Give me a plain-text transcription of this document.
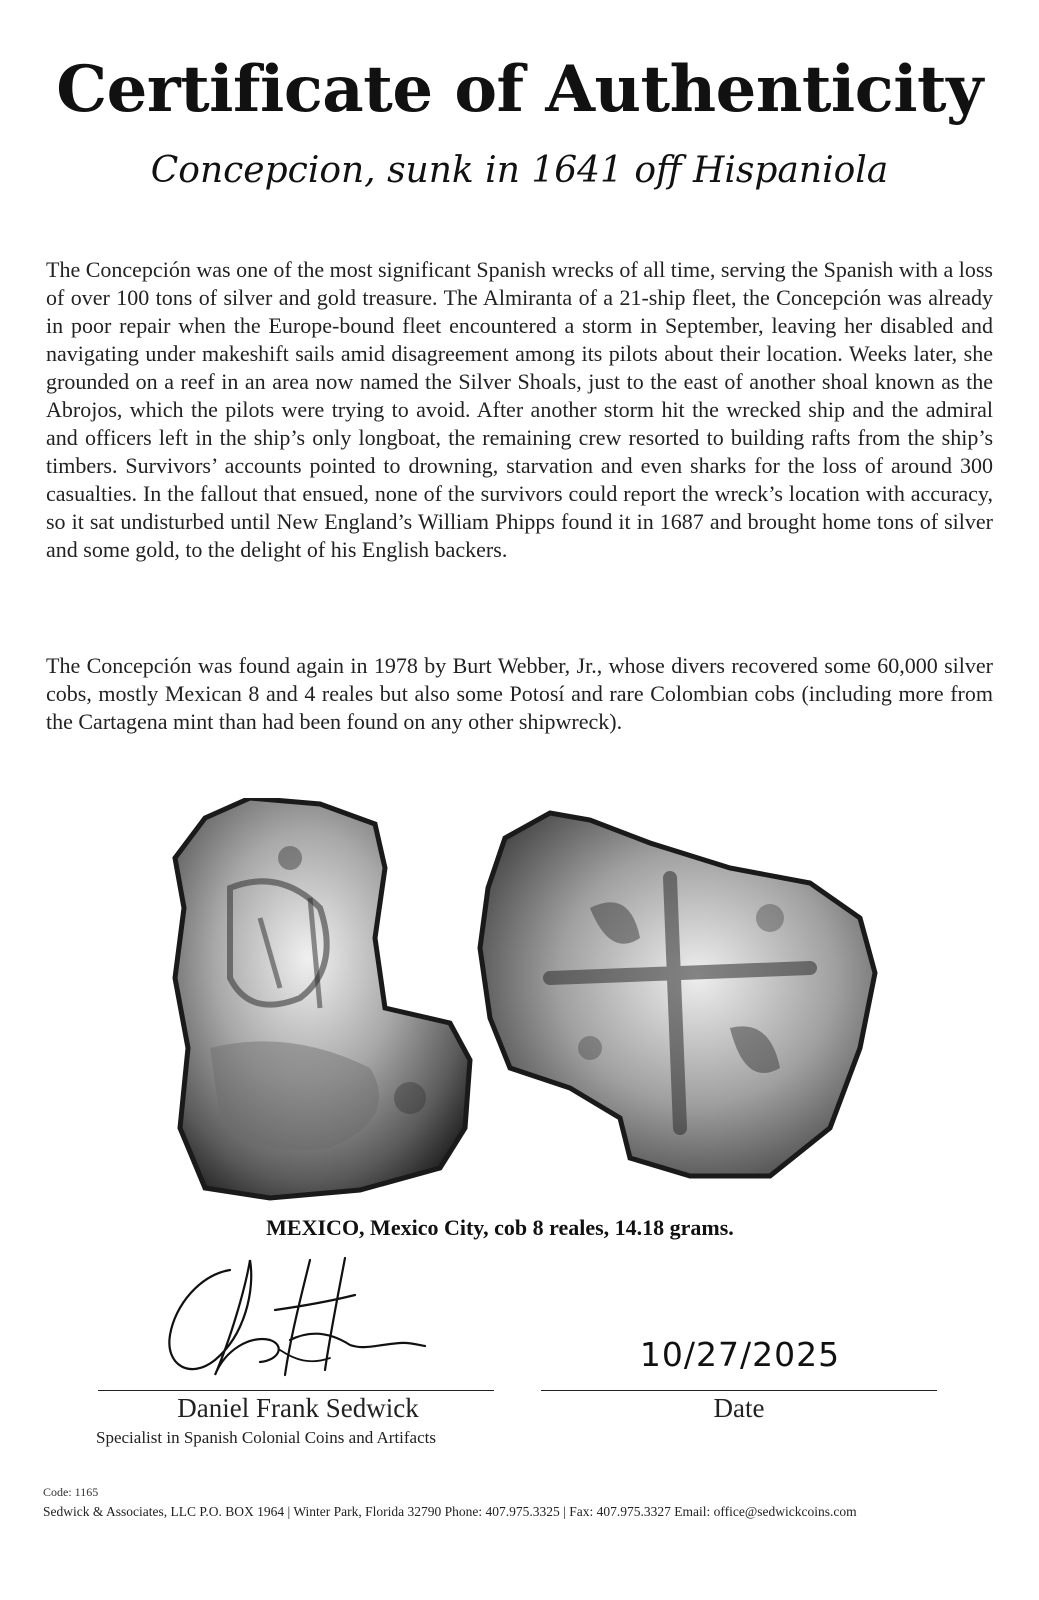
Certificate of Authenticity
Concepcion, sunk in 1641 off Hispaniola
The Concepción was one of the most significant Spanish wrecks of all time, serving the Spanish with a loss of over 100 tons of silver and gold treasure. The Almiranta of a 21-ship fleet, the Concepción was already in poor repair when the Europe-bound fleet encountered a storm in September, leaving her disabled and navigating under makeshift sails amid disagreement among its pilots about their location. Weeks later, she grounded on a reef in an area now named the Silver Shoals, just to the east of another shoal known as the Abrojos, which the pilots were trying to avoid. After another storm hit the wrecked ship and the admiral and officers left in the ship’s only longboat, the remaining crew resorted to building rafts from the ship’s timbers. Survivors’ accounts pointed to drowning, starvation and even sharks for the loss of around 300 casualties. In the fallout that ensued, none of the survivors could report the wreck’s location with accuracy, so it sat undisturbed until New England’s William Phipps found it in 1687 and brought home tons of silver and some gold, to the delight of his English backers.
The Concepción was found again in 1978 by Burt Webber, Jr., whose divers recovered some 60,000 silver cobs, mostly Mexican 8 and 4 reales but also some Potosí and rare Colombian cobs (including more from the Cartagena mint than had been found on any other shipwreck).
MEXICO, Mexico City, cob 8 reales, 14.18 grams.
10/27/2025
Daniel Frank Sedwick
Specialist in Spanish Colonial Coins and Artifacts
Date
Code: 1165
Sedwick & Associates, LLC P.O. BOX 1964 | Winter Park, Florida 32790 Phone: 407.975.3325 | Fax: 407.975.3327 Email: office@sedwickcoins.com
